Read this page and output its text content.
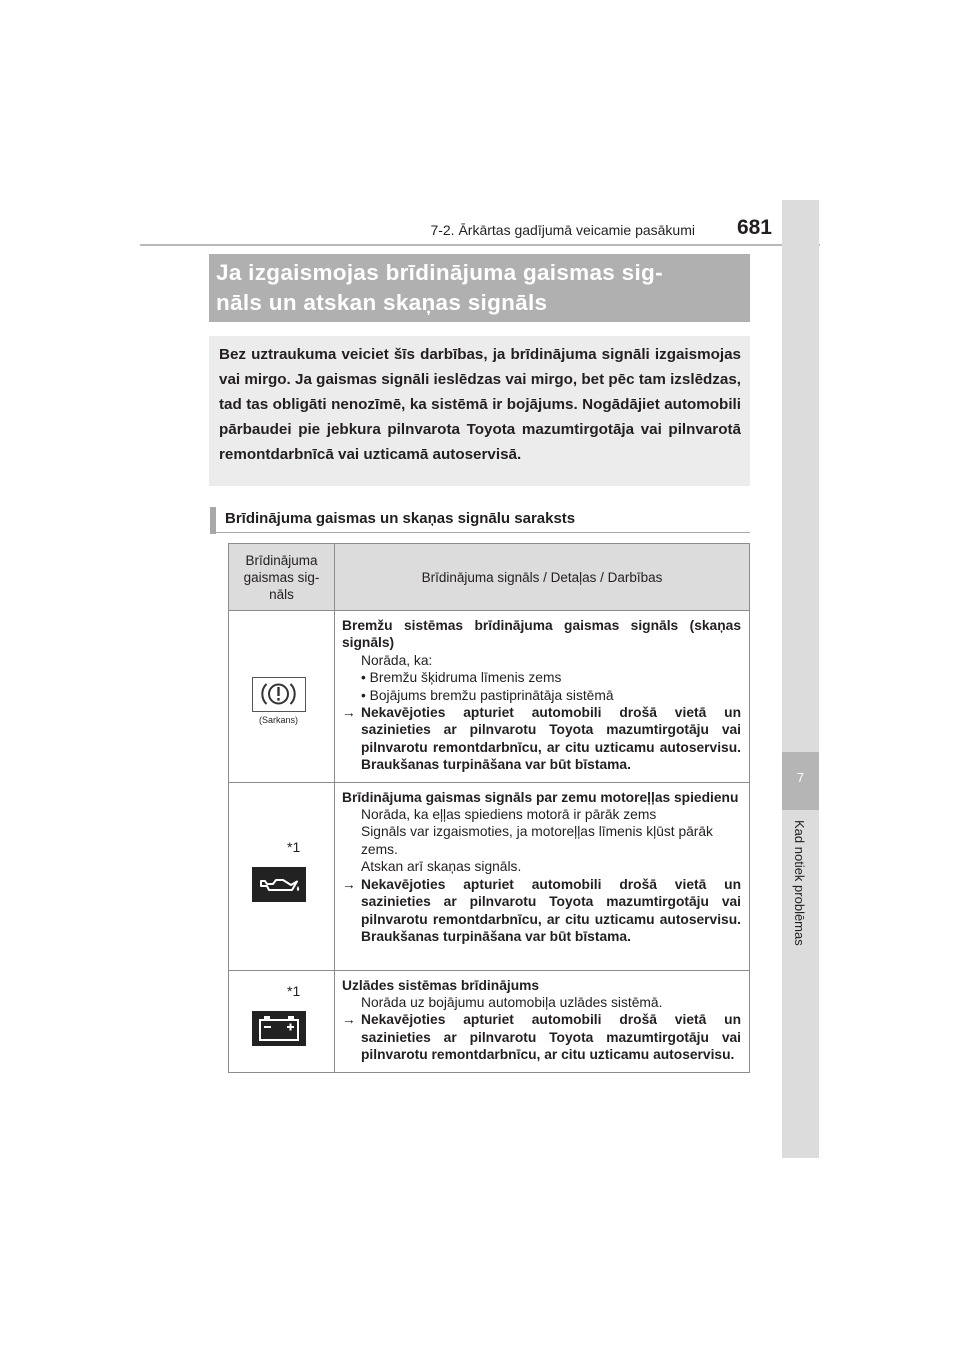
7-2. Ārkārtas gadījumā veicamie pasākumi	681
7
Kad notiek problēmas
Ja izgaismojas brīdinājuma gaismas sig-
nāls un atskan skaņas signāls
Bez uztraukuma veiciet šīs darbības, ja brīdinājuma signāli izgaismojas vai mirgo. Ja gaismas signāli ieslēdzas vai mirgo, bet pēc tam izslēdzas, tad tas obligāti nenozīmē, ka sistēmā ir bojājums. Nogādājiet automobili pārbaudei pie jebkura pilnvarota Toyota mazumtirgotāja vai pilnvarotā remontdarbnīcā vai uzticamā autoservisā.
Brīdinājuma gaismas un skaņas signālu saraksts
Brīdinājuma
gaismas sig-
nāls	Brīdinājuma signāls / Detaļas / Darbības

(Sarkans)	Bremžu sistēmas brīdinājuma gaismas signāls (skaņas signāls)
Norāda, ka:
• Bremžu šķidruma līmenis zems
• Bojājums bremžu pastiprinātāja sistēmā
→ Nekavējoties apturiet automobili drošā vietā un sazinieties ar pilnvarotu Toyota mazumtirgotāju vai pilnvarotu remontdarbnīcu, ar citu uzticamu autoservisu. Braukšanas turpināšana var būt bīstama.

*1	Brīdinājuma gaismas signāls par zemu motoreļļas spiedienu
Norāda, ka eļļas spiediens motorā ir pārāk zems
Signāls var izgaismoties, ja motoreļļas līmenis kļūst pārāk zems.
Atskan arī skaņas signāls.
→ Nekavējoties apturiet automobili drošā vietā un sazinieties ar pilnvarotu Toyota mazumtirgotāju vai pilnvarotu remontdarbnīcu, ar citu uzticamu autoservisu. Braukšanas turpināšana var būt bīstama.

*1	Uzlādes sistēmas brīdinājums
Norāda uz bojājumu automobiļa uzlādes sistēmā.
→ Nekavējoties apturiet automobili drošā vietā un sazinieties ar pilnvarotu Toyota mazumtirgotāju vai pilnvarotu remontdarbnīcu, ar citu uzticamu autoservisu.
